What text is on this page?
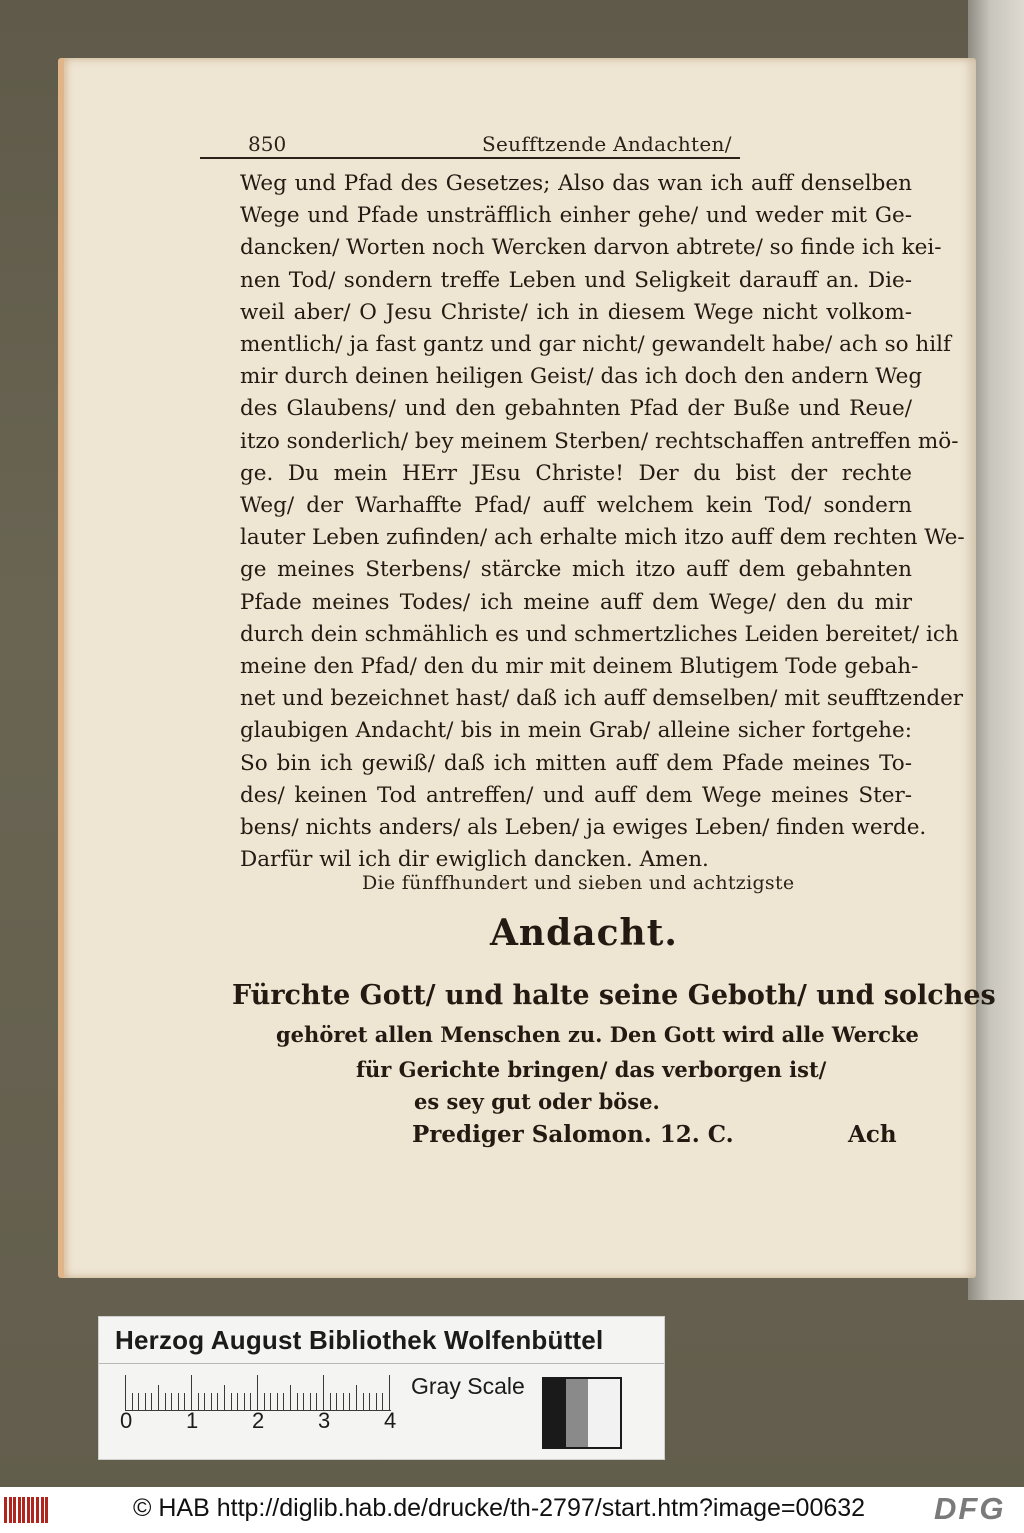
850	Seufftzende Andachten/
Weg und Pfad des Gesetzes; Also das wan ich auff denselben
Wege und Pfade unsträfflich einher gehe/ und weder mit Ge-
dancken/ Worten noch Wercken darvon abtrete/ so finde ich kei-
nen Tod/ sondern treffe Leben und Seligkeit darauff an. Die-
weil aber/ O Jesu Christe/ ich in diesem Wege nicht volkom-
mentlich/ ja fast gantz und gar nicht/ gewandelt habe/ ach so hilf
mir durch deinen heiligen Geist/ das ich doch den andern Weg
des Glaubens/ und den gebahnten Pfad der Buße und Reue/
itzo sonderlich/ bey meinem Sterben/ rechtschaffen antreffen mö-
ge. Du mein HErr JEsu Christe! Der du bist der rechte
Weg/ der Warhaffte Pfad/ auff welchem kein Tod/ sondern
lauter Leben zufinden/ ach erhalte mich itzo auff dem rechten We-
ge meines Sterbens/ stärcke mich itzo auff dem gebahnten
Pfade meines Todes/ ich meine auff dem Wege/ den du mir
durch dein schmählich es und schmertzliches Leiden bereitet/ ich
meine den Pfad/ den du mir mit deinem Blutigem Tode gebah-
net und bezeichnet hast/ daß ich auff demselben/ mit seufftzender
glaubigen Andacht/ bis in mein Grab/ alleine sicher fortgehe:
So bin ich gewiß/ daß ich mitten auff dem Pfade meines To-
des/ keinen Tod antreffen/ und auff dem Wege meines Ster-
bens/ nichts anders/ als Leben/ ja ewiges Leben/ finden werde.
Darfür wil ich dir ewiglich dancken. Amen.
Die fünffhundert und sieben und achtzigste
Andacht.
Fürchte Gott/ und halte seine Geboth/ und solches
gehöret allen Menschen zu. Den Gott wird alle Wercke
für Gerichte bringen/ das verborgen ist/
es sey gut oder böse.
Prediger Salomon. 12. C.	Ach
Herzog August Bibliothek Wolfenbüttel
Gray Scale
0 1 2 3 4
© HAB http://diglib.hab.de/drucke/th-2797/start.htm?image=00632 DFG
